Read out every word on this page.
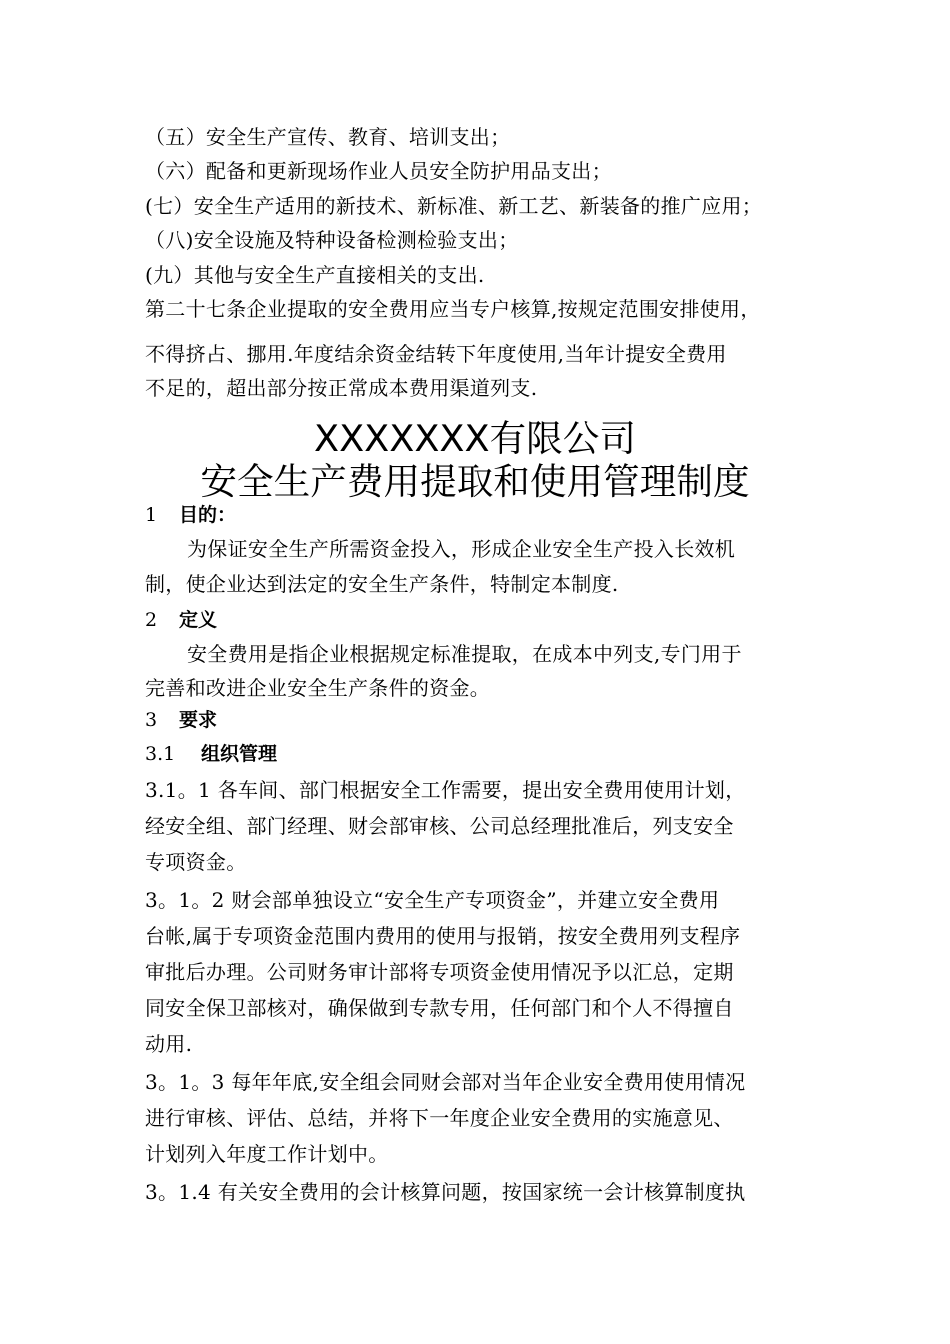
（五）安全生产宣传、教育、培训支出；
（六）配备和更新现场作业人员安全防护用品支出；
(七）安全生产适用的新技术、新标准、新工艺、新装备的推广应用；
（八)安全设施及特种设备检测检验支出；
(九）其他与安全生产直接相关的支出.
第二十七条企业提取的安全费用应当专户核算,按规定范围安排使用，
不得挤占、挪用.年度结余资金结转下年度使用,当年计提安全费用
不足的，超出部分按正常成本费用渠道列支.
XXXXXXX有限公司
安全生产费用提取和使用管理制度
1 目的：
为保证安全生产所需资金投入，形成企业安全生产投入长效机
制，使企业达到法定的安全生产条件，特制定本制度.
2 定义
安全费用是指企业根据规定标准提取，在成本中列支,专门用于
完善和改进企业安全生产条件的资金。
3 要求
3.1 组织管理
3.1。1 各车间、部门根据安全工作需要，提出安全费用使用计划，
经安全组、部门经理、财会部审核、公司总经理批准后，列支安全
专项资金。
3。1。2 财会部单独设立“安全生产专项资金”，并建立安全费用
台帐,属于专项资金范围内费用的使用与报销，按安全费用列支程序
审批后办理。公司财务审计部将专项资金使用情况予以汇总，定期
同安全保卫部核对，确保做到专款专用，任何部门和个人不得擅自
动用.
3。1。3 每年年底,安全组会同财会部对当年企业安全费用使用情况
进行审核、评估、总结，并将下一年度企业安全费用的实施意见、
计划列入年度工作计划中。
3。1.4 有关安全费用的会计核算问题，按国家统一会计核算制度执
